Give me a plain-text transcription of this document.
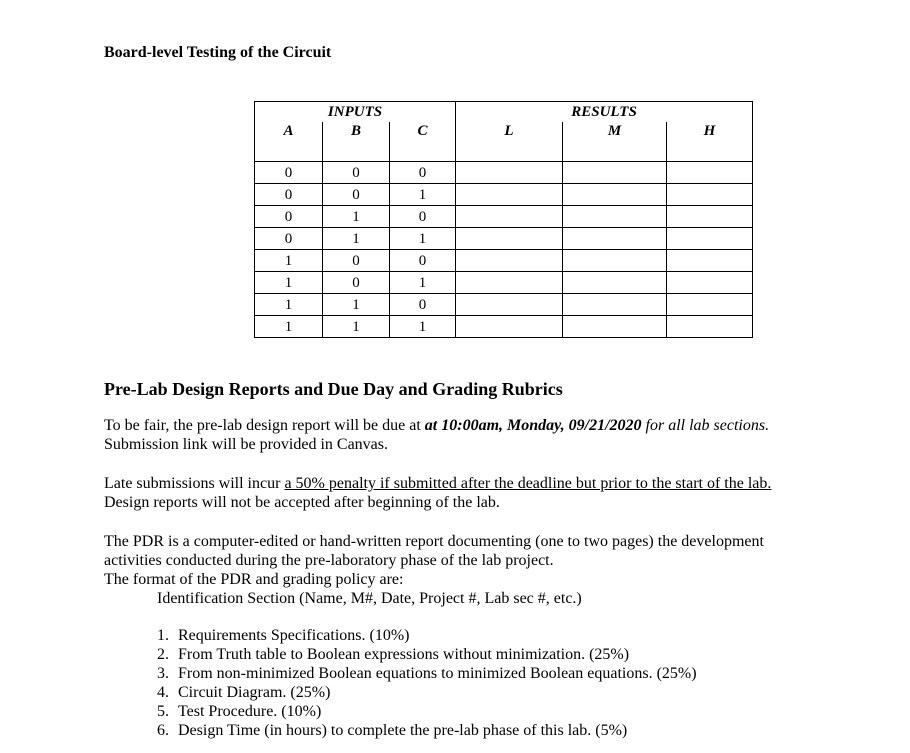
Board-level Testing of the Circuit

INPUTS			RESULTS		
A	B	C	L	M	H
0	0	0			
0	0	1			
0	1	0			
0	1	1			
1	0	0			
1	0	1			
1	1	0			
1	1	1			
Pre-Lab Design Reports and Due Day and Grading Rubrics

To be fair, the pre-lab design report will be due at at 10:00am, Monday, 09/21/2020 for all lab sections.
Submission link will be provided in Canvas.

Late submissions will incur a 50% penalty if submitted after the deadline but prior to the start of the lab.
Design reports will not be accepted after beginning of the lab.

The PDR is a computer-edited or hand-written report documenting (one to two pages) the development
activities conducted during the pre-laboratory phase of the lab project.
The format of the PDR and grading policy are:

Identification Section (Name, M#, Date, Project #, Lab sec #, etc.)

1. Requirements Specifications. (10%)
2. From Truth table to Boolean expressions without minimization. (25%)
3. From non-minimized Boolean equations to minimized Boolean equations. (25%)
4. Circuit Diagram. (25%)
5. Test Procedure. (10%)
6. Design Time (in hours) to complete the pre-lab phase of this lab. (5%)
